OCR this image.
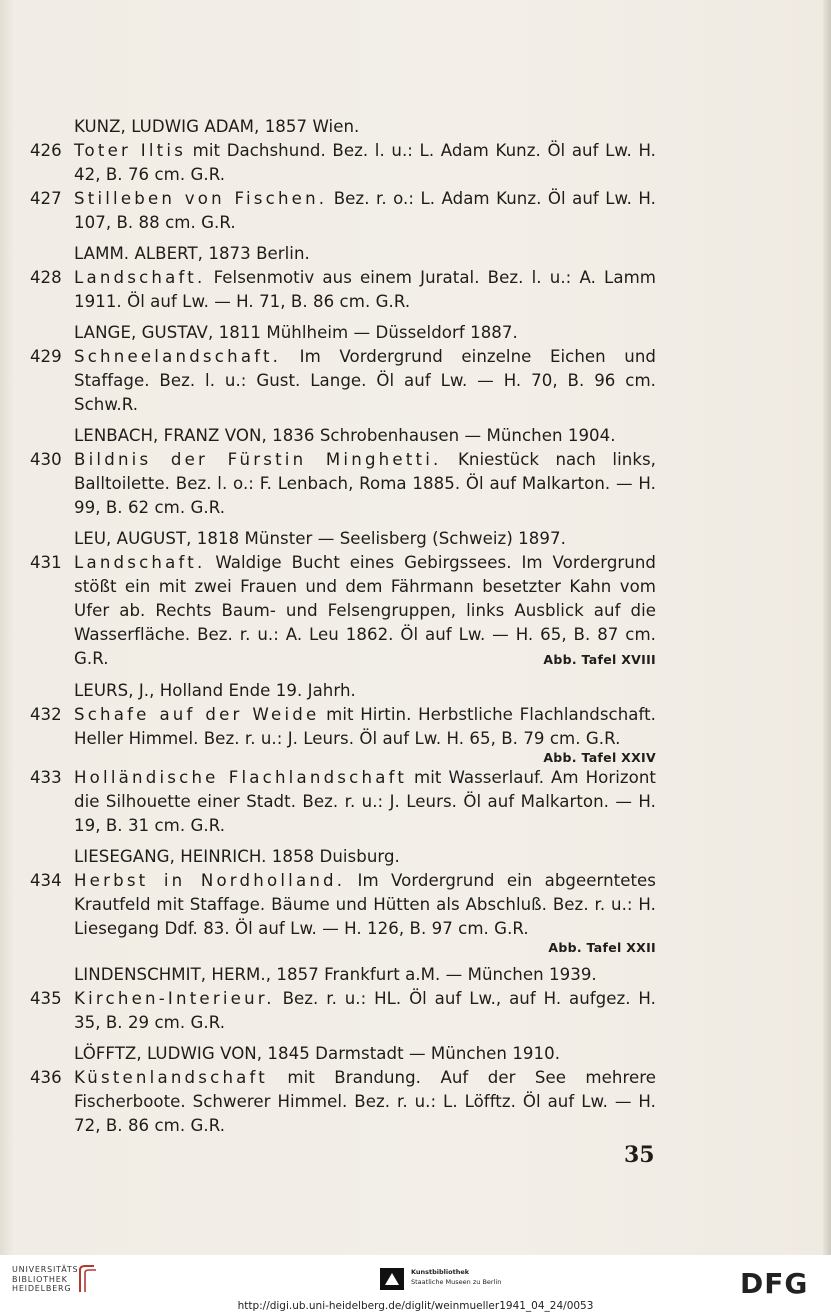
KUNZ, LUDWIG ADAM, 1857 Wien.
426 Toter Iltis mit Dachshund. Bez. l. u.: L. Adam Kunz. Öl auf Lw. H. 42, B. 76 cm. G.R.
427 Stilleben von Fischen. Bez. r. o.: L. Adam Kunz. Öl auf Lw. H. 107, B. 88 cm. G.R.
LAMM. ALBERT, 1873 Berlin.
428 Landschaft. Felsenmotiv aus einem Juratal. Bez. l. u.: A. Lamm 1911. Öl auf Lw. — H. 71, B. 86 cm. G.R.
LANGE, GUSTAV, 1811 Mühlheim — Düsseldorf 1887.
429 Schneelandschaft. Im Vordergrund einzelne Eichen und Staffage. Bez. l. u.: Gust. Lange. Öl auf Lw. — H. 70, B. 96 cm. Schw.R.
LENBACH, FRANZ VON, 1836 Schrobenhausen — München 1904.
430 Bildnis der Fürstin Minghetti. Kniestück nach links, Balltoilette. Bez. l. o.: F. Lenbach, Roma 1885. Öl auf Malkarton. — H. 99, B. 62 cm. G.R.
LEU, AUGUST, 1818 Münster — Seelisberg (Schweiz) 1897.
431 Landschaft. Waldige Bucht eines Gebirgssees. Im Vordergrund stößt ein mit zwei Frauen und dem Fährmann besetzter Kahn vom Ufer ab. Rechts Baum- und Felsengruppen, links Ausblick auf die Wasserfläche. Bez. r. u.: A. Leu 1862. Öl auf Lw. — H. 65, B. 87 cm. G.R.	Abb. Tafel XVIII
LEURS, J., Holland Ende 19. Jahrh.
432 Schafe auf der Weide mit Hirtin. Herbstliche Flachlandschaft. Heller Himmel. Bez. r. u.: J. Leurs. Öl auf Lw. H. 65, B. 79 cm. G.R.
Abb. Tafel XXIV
433 Holländische Flachlandschaft mit Wasserlauf. Am Horizont die Silhouette einer Stadt. Bez. r. u.: J. Leurs. Öl auf Malkarton. — H. 19, B. 31 cm. G.R.
LIESEGANG, HEINRICH. 1858 Duisburg.
434 Herbst in Nordholland. Im Vordergrund ein abgeerntetes Krautfeld mit Staffage. Bäume und Hütten als Abschluß. Bez. r. u.: H. Liesegang Ddf. 83. Öl auf Lw. — H. 126, B. 97 cm. G.R.
Abb. Tafel XXII
LINDENSCHMIT, HERM., 1857 Frankfurt a.M. — München 1939.
435 Kirchen-Interieur. Bez. r. u.: HL. Öl auf Lw., auf H. aufgez. H. 35, B. 29 cm. G.R.
LÖFFTZ, LUDWIG VON, 1845 Darmstadt — München 1910.
436 Küstenlandschaft mit Brandung. Auf der See mehrere Fischerboote. Schwerer Himmel. Bez. r. u.: L. Löfftz. Öl auf Lw. — H. 72, B. 86 cm. G.R.
35
UNIVERSITÄTS-
BIBLIOTHEK
HEIDELBERG
Kunstbibliothek
Staatliche Museen zu Berlin	DFG
http://digi.ub.uni-heidelberg.de/diglit/weinmueller1941_04_24/0053
